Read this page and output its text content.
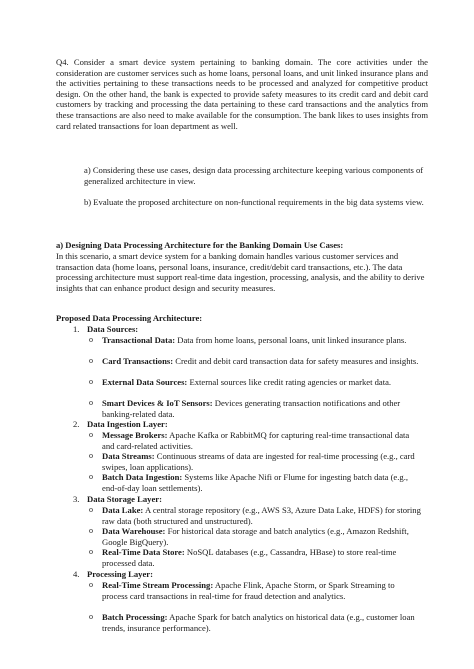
Q4. Consider a smart device system pertaining to banking domain. The core activities under the consideration are customer services such as home loans, personal loans, and unit linked insurance plans and the activities pertaining to these transactions needs to be processed and analyzed for competitive product design. On the other hand, the bank is expected to provide safety measures to its credit card and debit card customers by tracking and processing the data pertaining to these card transactions and the analytics from these transactions are also need to make available for the consumption. The bank likes to uses insights from card related transactions for loan department as well.
a) Considering these use cases, design data processing architecture keeping various components of generalized architecture in view.
b) Evaluate the proposed architecture on non-functional requirements in the big data systems view.
a) Designing Data Processing Architecture for the Banking Domain Use Cases:
In this scenario, a smart device system for a banking domain handles various customer services and transaction data (home loans, personal loans, insurance, credit/debit card transactions, etc.). The data processing architecture must support real-time data ingestion, processing, analysis, and the ability to derive insights that can enhance product design and security measures.
Proposed Data Processing Architecture:
1. Data Sources:
o Transactional Data: Data from home loans, personal loans, unit linked insurance plans.
o Card Transactions: Credit and debit card transaction data for safety measures and insights.
o External Data Sources: External sources like credit rating agencies or market data.
o Smart Devices & IoT Sensors: Devices generating transaction notifications and other banking-related data.
2. Data Ingestion Layer:
o Message Brokers: Apache Kafka or RabbitMQ for capturing real-time transactional data and card-related activities.
o Data Streams: Continuous streams of data are ingested for real-time processing (e.g., card swipes, loan applications).
o Batch Data Ingestion: Systems like Apache Nifi or Flume for ingesting batch data (e.g., end-of-day loan settlements).
3. Data Storage Layer:
o Data Lake: A central storage repository (e.g., AWS S3, Azure Data Lake, HDFS) for storing raw data (both structured and unstructured).
o Data Warehouse: For historical data storage and batch analytics (e.g., Amazon Redshift, Google BigQuery).
o Real-Time Data Store: NoSQL databases (e.g., Cassandra, HBase) to store real-time processed data.
4. Processing Layer:
o Real-Time Stream Processing: Apache Flink, Apache Storm, or Spark Streaming to process card transactions in real-time for fraud detection and analytics.
o Batch Processing: Apache Spark for batch analytics on historical data (e.g., customer loan trends, insurance performance).
